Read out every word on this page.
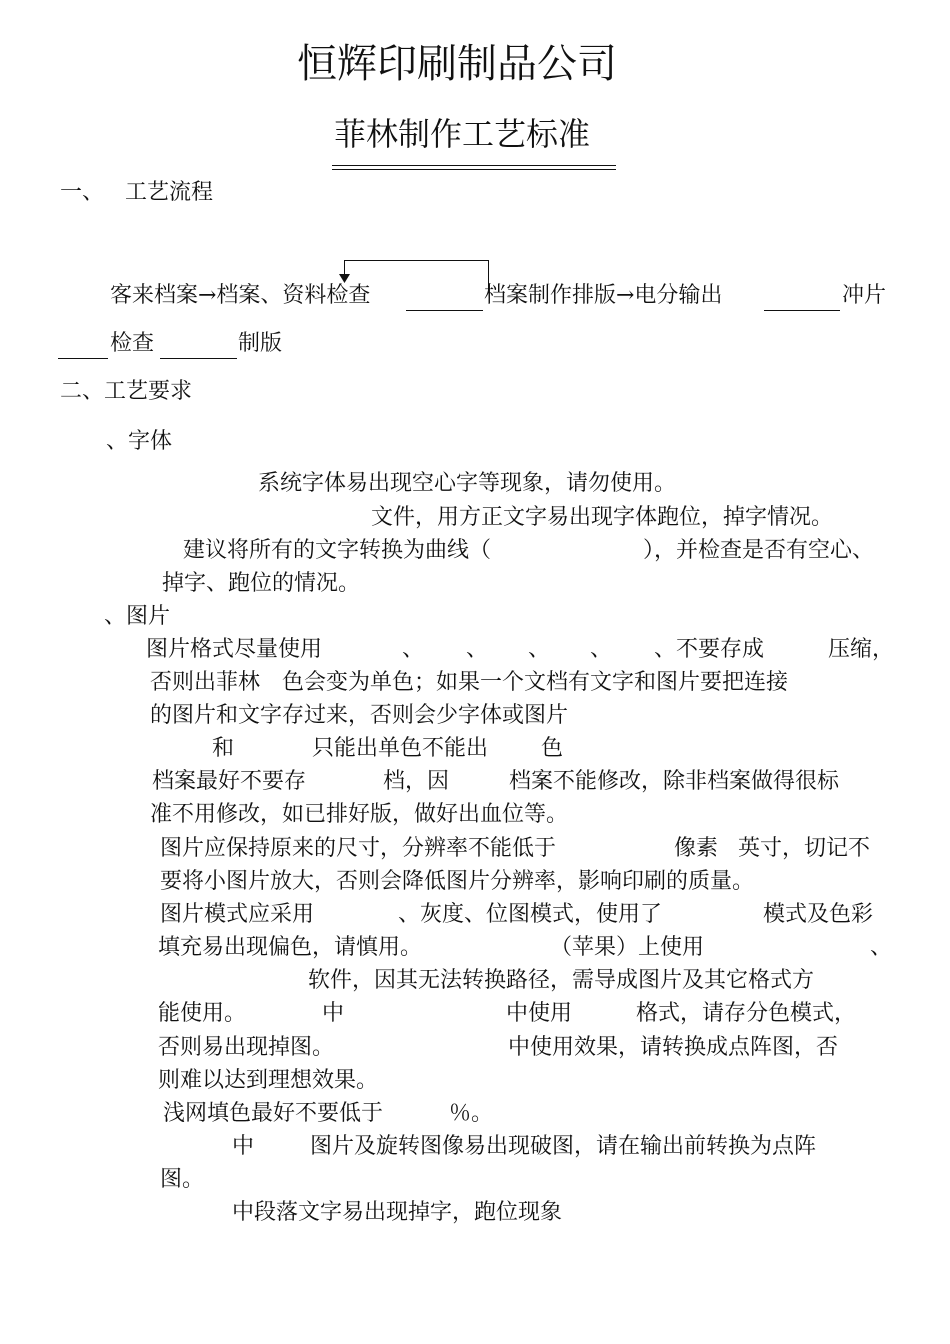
恒辉印刷制品公司
菲林制作工艺标准
一、 工艺流程
客来档案→档案、资料检查	档案制作排版→电分输出	冲片
检查	制版
二、工艺要求
、字体
系统字体易出现空心字等现象，请勿使用。
文件，用方正文字易出现字体跑位，掉字情况。
建议将所有的文字转换为曲线（	），并检查是否有空心、
掉字、跑位的情况。
、图片
图片格式尽量使用	、 、 、 、 、不要存成	压缩，
否则出菲林　色会变为单色；如果一个文档有文字和图片要把连接
的图片和文字存过来，否则会少字体或图片
和	只能出单色不能出 色
档案最好不要存	档，因	档案不能修改，除非档案做得很标
准不用修改，如已排好版，做好出血位等。
图片应保持原来的尺寸，分辨率不能低于	像素 英寸，切记不
要将小图片放大，否则会降低图片分辨率，影响印刷的质量。
图片模式应采用	、灰度、位图模式，使用了	模式及色彩
填充易出现偏色，请慎用。	（苹果）上使用	、
软件，因其无法转换路径，需导成图片及其它格式方
能使用。	中	中使用	格式，请存分色模式，
否则易出现掉图。	中使用效果，请转换成点阵图，否
则难以达到理想效果。
浅网填色最好不要低于	％。
中	图片及旋转图像易出现破图，请在输出前转换为点阵
图。
中段落文字易出现掉字，跑位现象
